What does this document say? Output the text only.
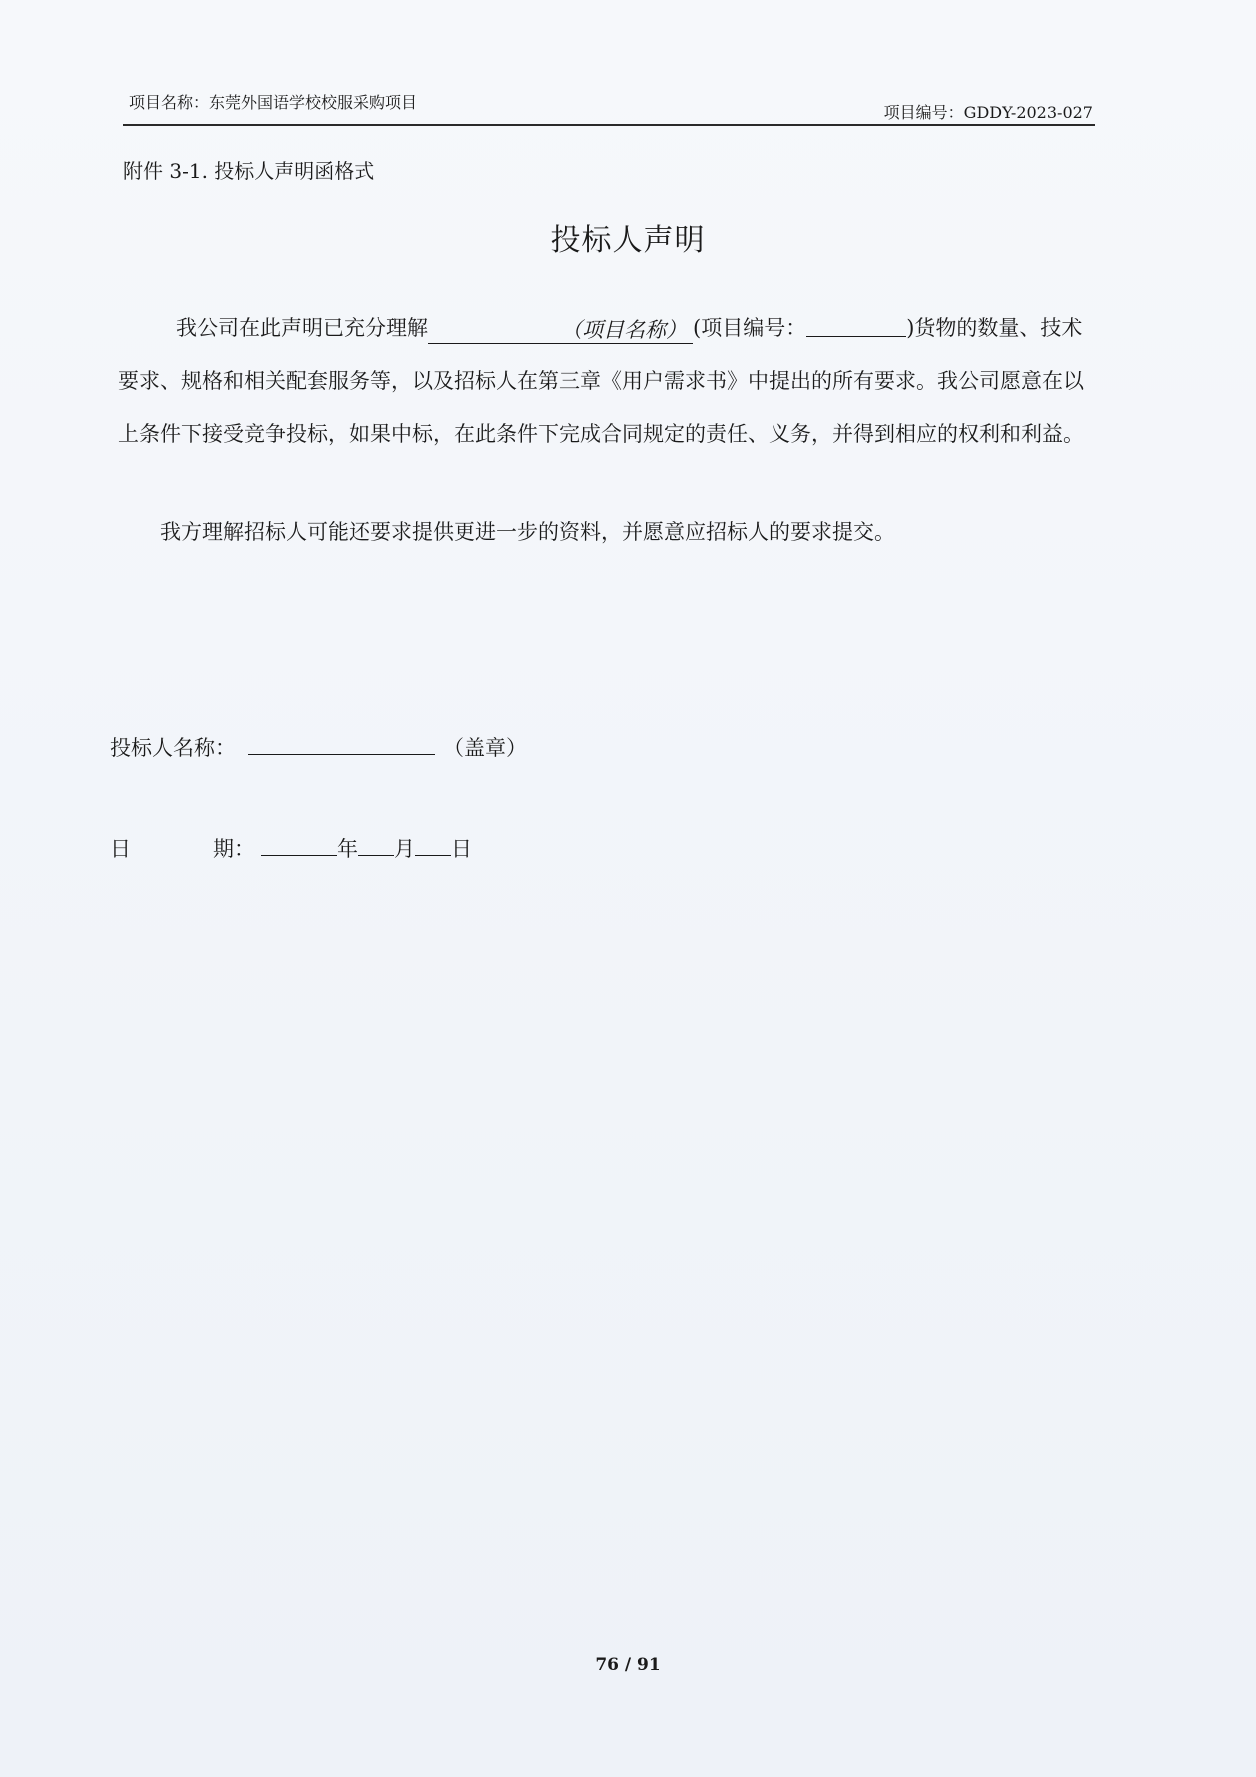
项目名称：东莞外国语学校校服采购项目
项目编号：GDDY-2023-027
附件 3-1. 投标人声明函格式
投标人声明
我公司在此声明已充分理解	（项目名称） (项目编号：	)货物的数量、技术要求、规格和相关配套服务等，以及招标人在第三章《用户需求书》中提出的所有要求。我公司愿意在以上条件下接受竞争投标，如果中标，在此条件下完成合同规定的责任、义务，并得到相应的权利和利益。
我方理解招标人可能还要求提供更进一步的资料，并愿意应招标人的要求提交。
投标人名称：	（盖章）
日	期：	年 月 日
76 / 91
